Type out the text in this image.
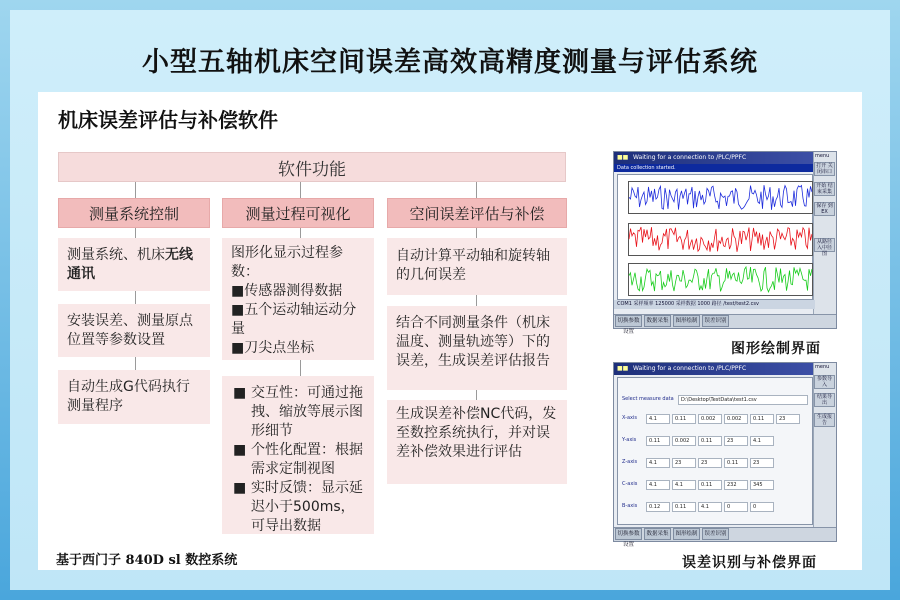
小型五轴机床空间误差高效高精度测量与评估系统
机床误差评估与补偿软件
软件功能
测量系统控制	测量过程可视化	空间误差评估与补偿
测量系统、机床无线通讯
安装误差、测量原点位置等参数设置
自动生成G代码执行测量程序
图形化显示过程参数：
■传感器测得数据
■五个运动轴运动分量
■刀尖点坐标
■ 交互性：可通过拖拽、缩放等展示图形细节
■ 个性化配置：根据需求定制视图
■ 实时反馈：显示延迟小于500ms，可导出数据
自动计算平动轴和旋转轴的几何误差
结合不同测量条件（机床温度、测量轨迹等）下的误差，生成误差评估报告
生成误差补偿NC代码，发至数控系统执行，并对误差补偿效果进行评估
基于西门子 840D sl 数控系统
■■ Waiting for a connection to /PLC/PPFC
Data collection started.
menu
打开 关闭串口
开始 结束采集
保存 到EX
从路径 入中径图
COM1 采样频率 125000 采样数据 1000 路径 /test/test2.csv
切换参数设置
数据采集	图形绘制	误差识别
图形绘制界面
■■ Waiting for a connection to /PLC/PPFC	menu
参数导入
结果导出
生成报告
Select measure data	D:\Desktop\TestData\test1.csv
X-axis	4.1	0.11	0.002	0.002	0.11	23
Y-axis	0.11	0.002	0.11	23	4.1
Z-axis	4.1	23	23	0.11	23
C-axis	4.1	4.1	0.11	232	345
B-axis	0.12	0.11	4.1	0	0
切换参数设置
数据采集	图形绘制	误差识别
误差识别与补偿界面
